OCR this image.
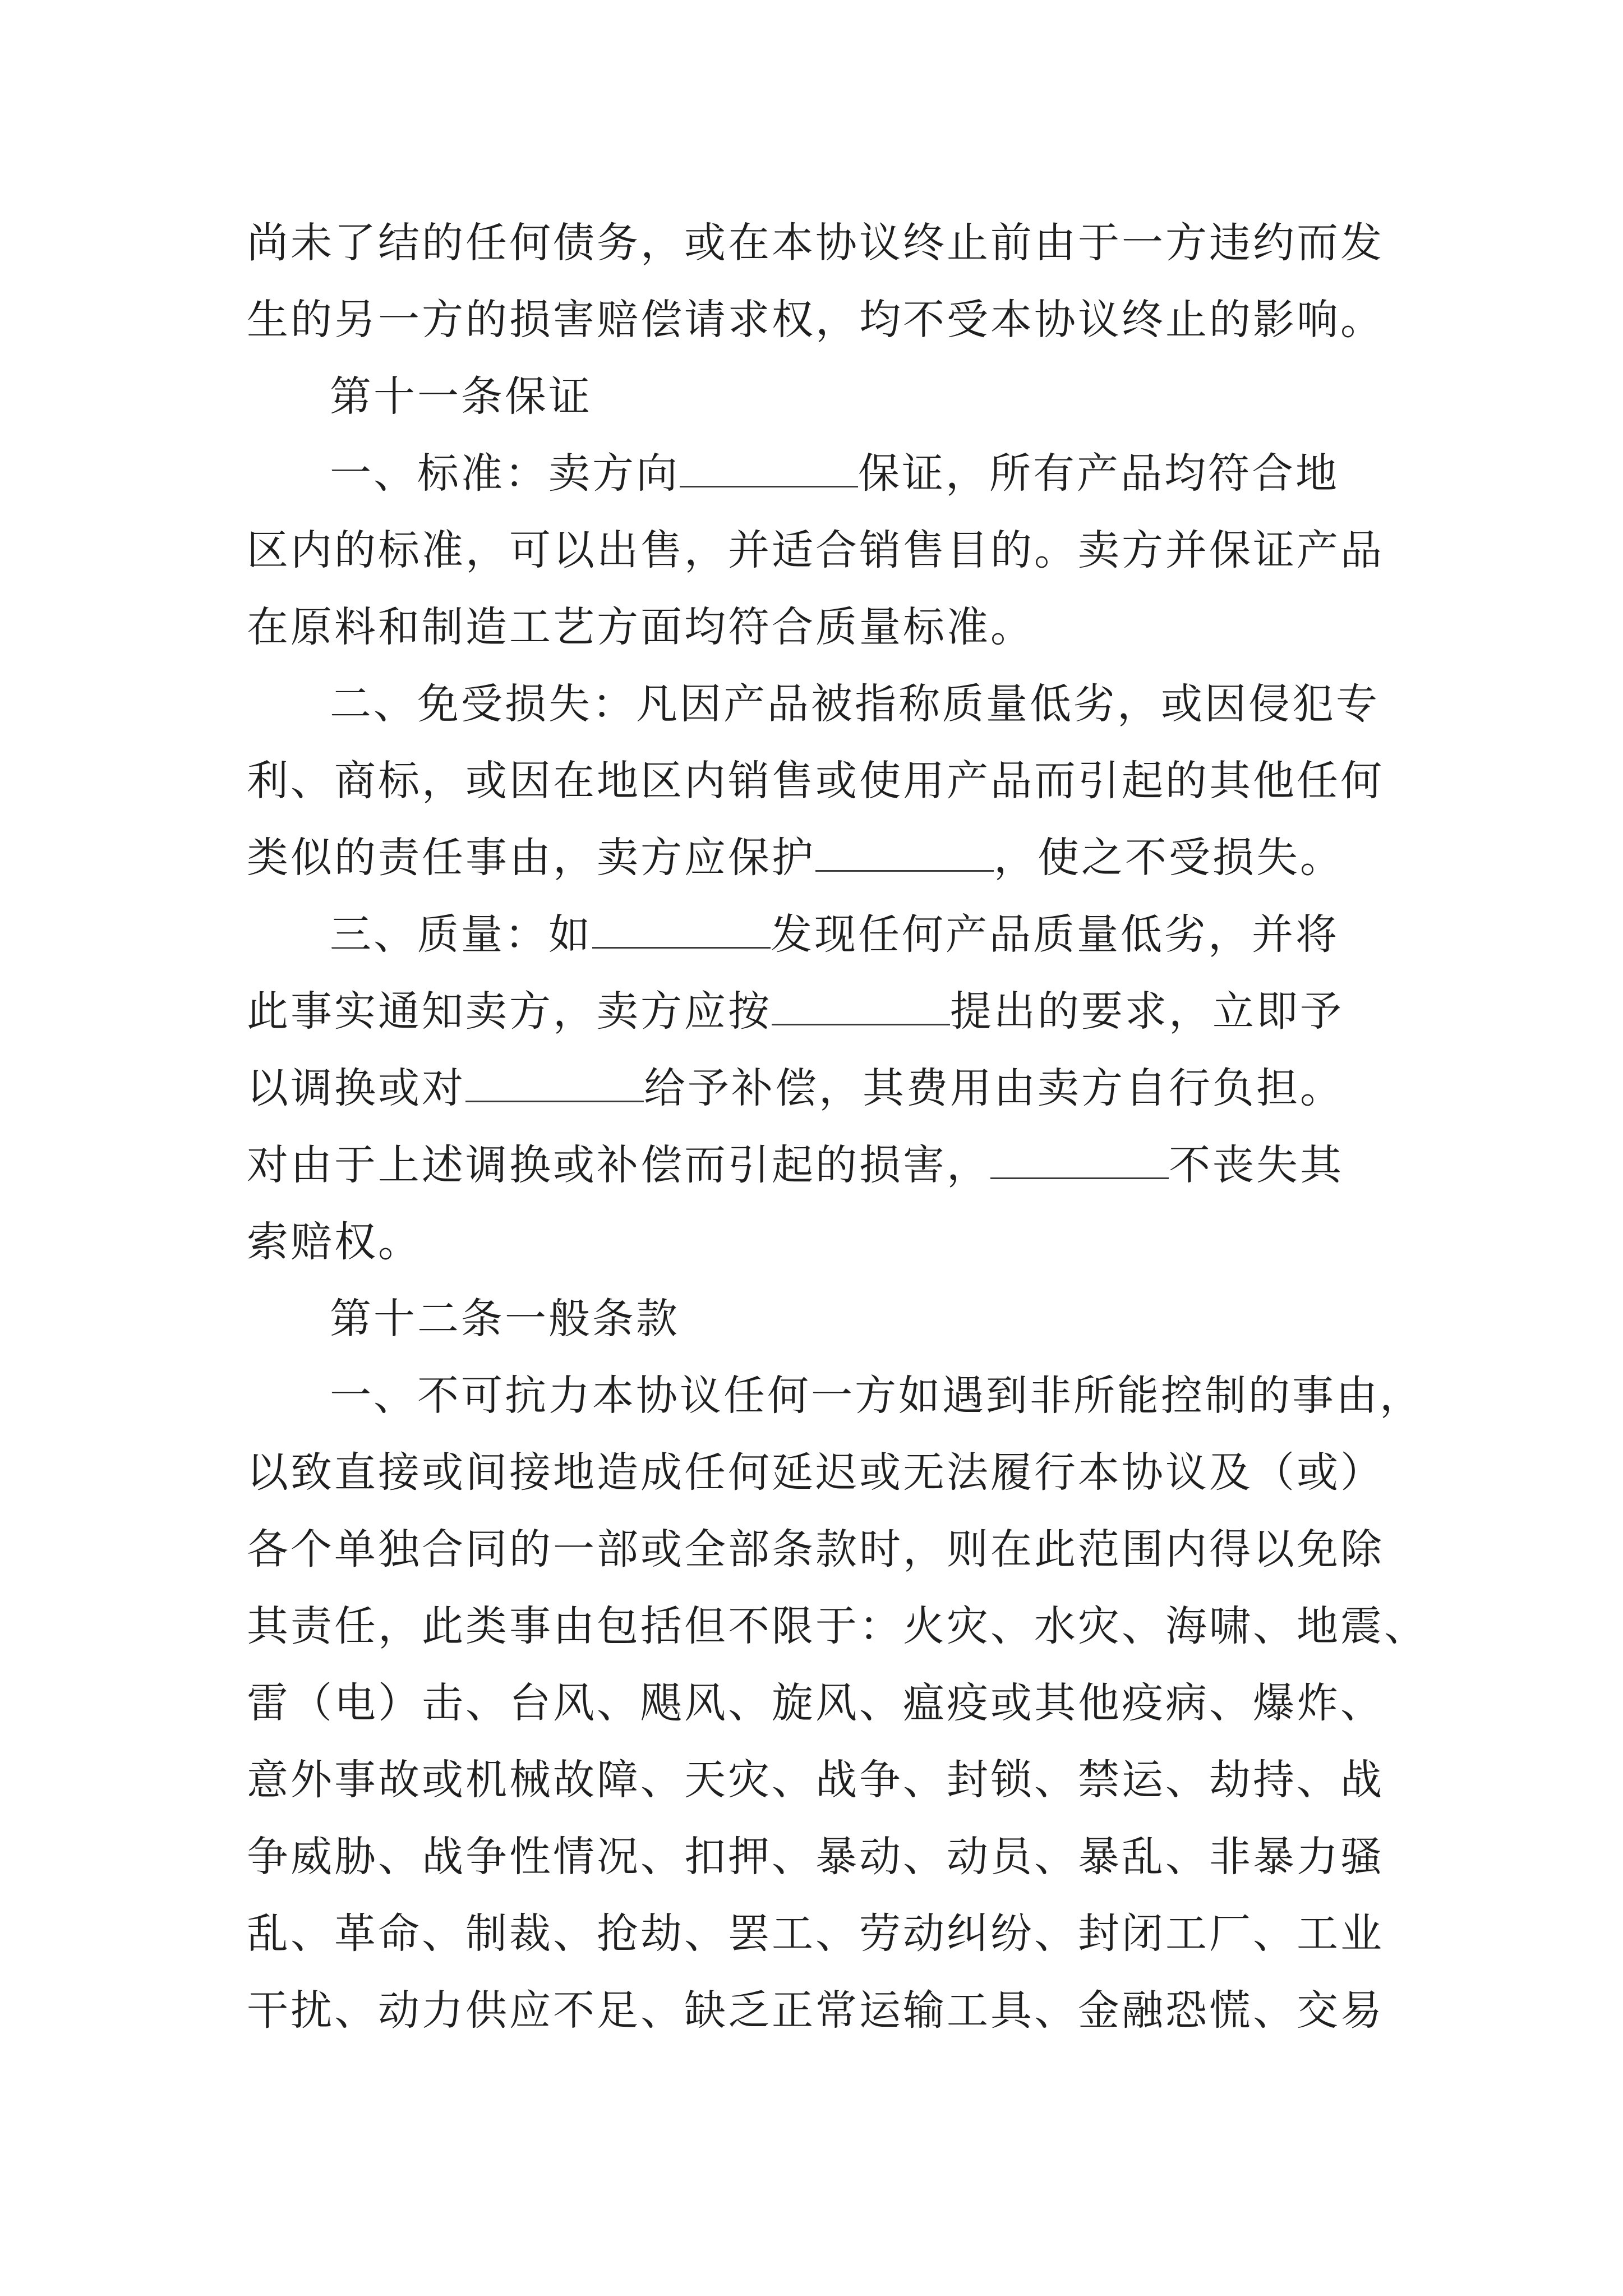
尚未了结的任何债务，或在本协议终止前由于一方违约而发
生的另一方的损害赔偿请求权，均不受本协议终止的影响。
第十一条保证
一、标准：卖方向	保证，所有产品均符合地
区内的标准，可以出售，并适合销售目的。卖方并保证产品
在原料和制造工艺方面均符合质量标准。
二、免受损失：凡因产品被指称质量低劣，或因侵犯专
利、商标，或因在地区内销售或使用产品而引起的其他任何
类似的责任事由，卖方应保护	，使之不受损失。
三、质量：如	发现任何产品质量低劣，并将
此事实通知卖方，卖方应按	提出的要求，立即予
以调换或对	给予补偿，其费用由卖方自行负担。
对由于上述调换或补偿而引起的损害，	不丧失其
索赔权。
第十二条一般条款
一、不可抗力本协议任何一方如遇到非所能控制的事由，
以致直接或间接地造成任何延迟或无法履行本协议及（或）
各个单独合同的一部或全部条款时，则在此范围内得以免除
其责任，此类事由包括但不限于：火灾、水灾、海啸、地震、
雷（电）击、台风、飓风、旋风、瘟疫或其他疫病、爆炸、
意外事故或机械故障、天灾、战争、封锁、禁运、劫持、战
争威胁、战争性情况、扣押、暴动、动员、暴乱、非暴力骚
乱、革命、制裁、抢劫、罢工、劳动纠纷、封闭工厂、工业
干扰、动力供应不足、缺乏正常运输工具、金融恐慌、交易
